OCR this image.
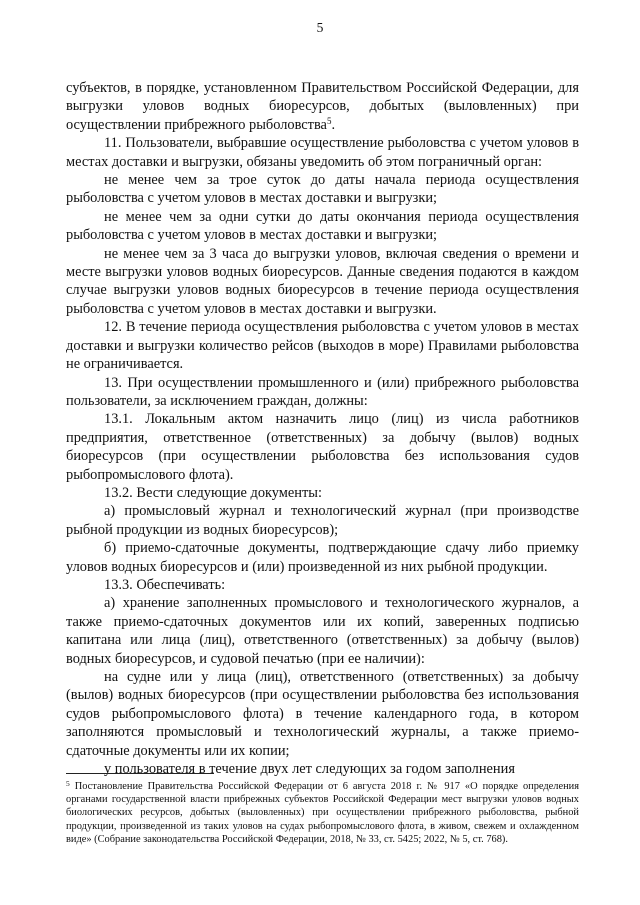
5

субъектов, в порядке, установленном Правительством Российской Федерации, для выгрузки уловов водных биоресурсов, добытых (выловленных) при осуществлении прибрежного рыболовства$^5$.

11. Пользователи, выбравшие осуществление рыболовства с учетом уловов в местах доставки и выгрузки, обязаны уведомить об этом пограничный орган:

не менее чем за трое суток до даты начала периода осуществления рыболовства с учетом уловов в местах доставки и выгрузки;

не менее чем за одни сутки до даты окончания периода осуществления рыболовства с учетом уловов в местах доставки и выгрузки;

не менее чем за 3 часа до выгрузки уловов, включая сведения о времени и месте выгрузки уловов водных биоресурсов. Данные сведения подаются в каждом случае выгрузки уловов водных биоресурсов в течение периода осуществления рыболовства с учетом уловов в местах доставки и выгрузки.

12. В течение периода осуществления рыболовства с учетом уловов в местах доставки и выгрузки количество рейсов (выходов в море) Правилами рыболовства не ограничивается.

13. При осуществлении промышленного и (или) прибрежного рыболовства пользователи, за исключением граждан, должны:

13.1. Локальным актом назначить лицо (лиц) из числа работников предприятия, ответственное (ответственных) за добычу (вылов) водных биоресурсов (при осуществлении рыболовства без использования судов рыбопромыслового флота).

13.2. Вести следующие документы:

а) промысловый журнал и технологический журнал (при производстве рыбной продукции из водных биоресурсов);

б) приемо-сдаточные документы, подтверждающие сдачу либо приемку уловов водных биоресурсов и (или) произведенной из них рыбной продукции.

13.3. Обеспечивать:

а) хранение заполненных промыслового и технологического журналов, а также приемо-сдаточных документов или их копий, заверенных подписью капитана или лица (лиц), ответственного (ответственных) за добычу (вылов) водных биоресурсов, и судовой печатью (при ее наличии):

на судне или у лица (лиц), ответственного (ответственных) за добычу (вылов) водных биоресурсов (при осуществлении рыболовства без использования судов рыбопромыслового флота) в течение календарного года, в котором заполняются промысловый и технологический журналы, а также приемо-сдаточные документы или их копии;

у пользователя в течение двух лет следующих за годом заполнения

$^5$ Постановление Правительства Российской Федерации от 6 августа 2018 г. № 917 «О порядке определения органами государственной власти прибрежных субъектов Российской Федерации мест выгрузки уловов водных биологических ресурсов, добытых (выловленных) при осуществлении прибрежного рыболовства, рыбной продукции, произведенной из таких уловов на судах рыбопромыслового флота, в живом, свежем и охлажденном виде» (Собрание законодательства Российской Федерации, 2018, № 33, ст. 5425; 2022, № 5, ст. 768).
